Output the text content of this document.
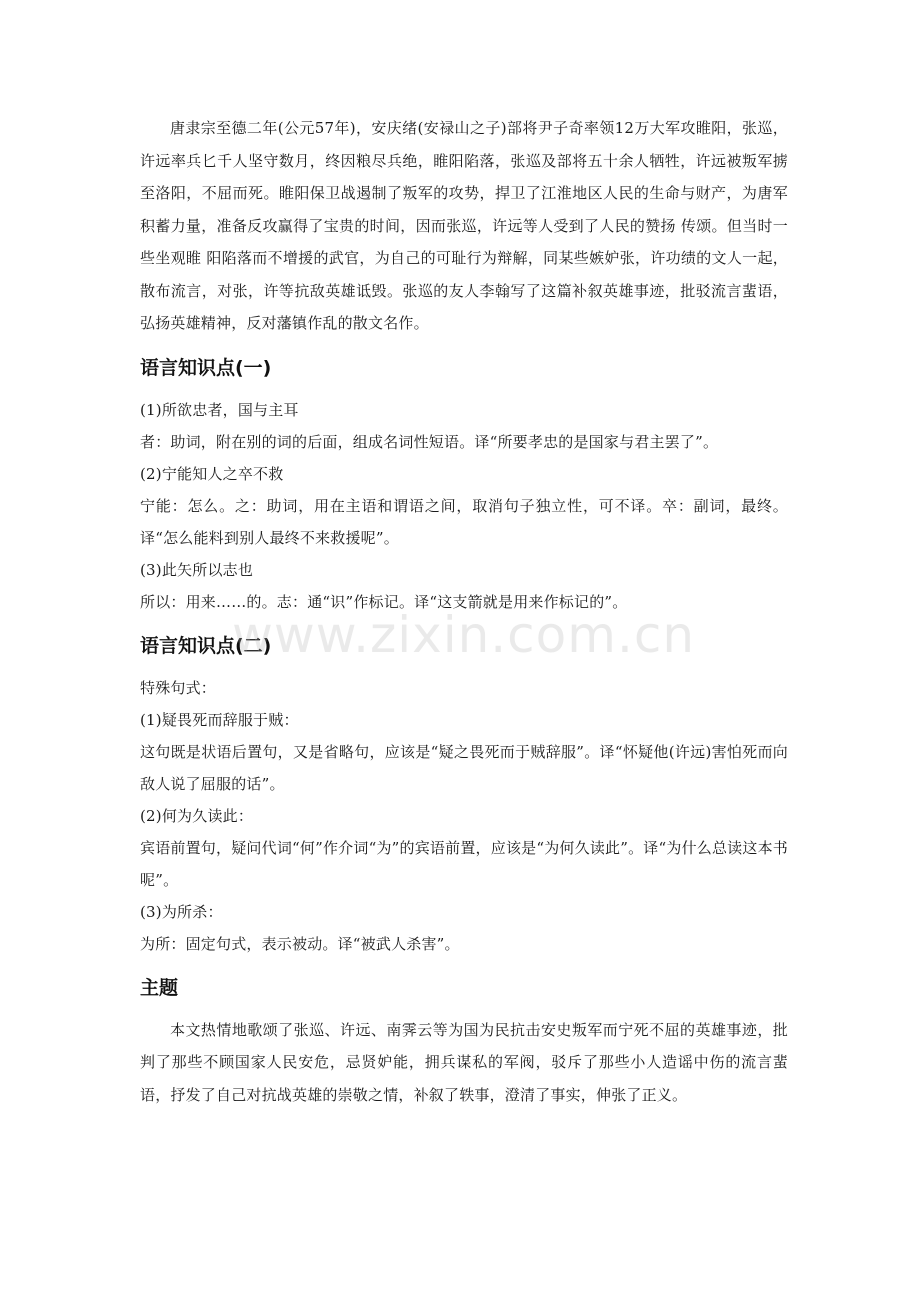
唐隶宗至德二年(公元57年)，安庆绪(安禄山之子)部将尹子奇率领12万大军攻睢阳，张巡，许远率兵匕千人坚守数月，终因粮尽兵绝，睢阳陷落，张巡及部将五十余人牺牲，许远被叛军掳至洛阳，不屈而死。睢阳保卫战遏制了叛军的攻势，捍卫了江淮地区人民的生命与财产，为唐军积蓄力量，准备反攻赢得了宝贵的时间，因而张巡，许远等人受到了人民的赞扬 传颂。但当时一些坐观睢 阳陷落而不增援的武官，为自己的可耻行为辩解，同某些嫉妒张，许功绩的文人一起，散布流言，对张，许等抗敌英雄诋毁。张巡的友人李翰写了这篇补叙英雄事迹，批驳流言蜚语，弘扬英雄精神，反对藩镇作乱的散文名作。

语言知识点(一)

(1)所欲忠者，国与主耳

者：助词，附在别的词的后面，组成名词性短语。译“所要孝忠的是国家与君主罢了”。

(2)宁能知人之卒不救

宁能：怎么。之：助词，用在主语和谓语之间，取消句子独立性，可不译。卒：副词，最终。译“怎么能料到别人最终不来救援呢”。

(3)此矢所以志也

所以：用来……的。志：通“识”作标记。译“这支箭就是用来作标记的”。

语言知识点(二)

特殊句式：

(1)疑畏死而辞服于贼：

这句既是状语后置句，又是省略句，应该是“疑之畏死而于贼辞服”。译“怀疑他(许远)害怕死而向敌人说了屈服的话”。

(2)何为久读此：

宾语前置句，疑问代词“何”作介词“为”的宾语前置，应该是“为何久读此”。译“为什么总读这本书呢”。

(3)为所杀：

为所：固定句式，表示被动。译“被武人杀害”。

主题

本文热情地歌颂了张巡、许远、南霁云等为国为民抗击安史叛军而宁死不屈的英雄事迹，批判了那些不顾国家人民安危，忌贤妒能，拥兵谋私的军阀，驳斥了那些小人造谣中伤的流言蜚语，抒发了自己对抗战英雄的崇敬之情，补叙了轶事，澄清了事实，伸张了正义。

www.zixin.com.cn
